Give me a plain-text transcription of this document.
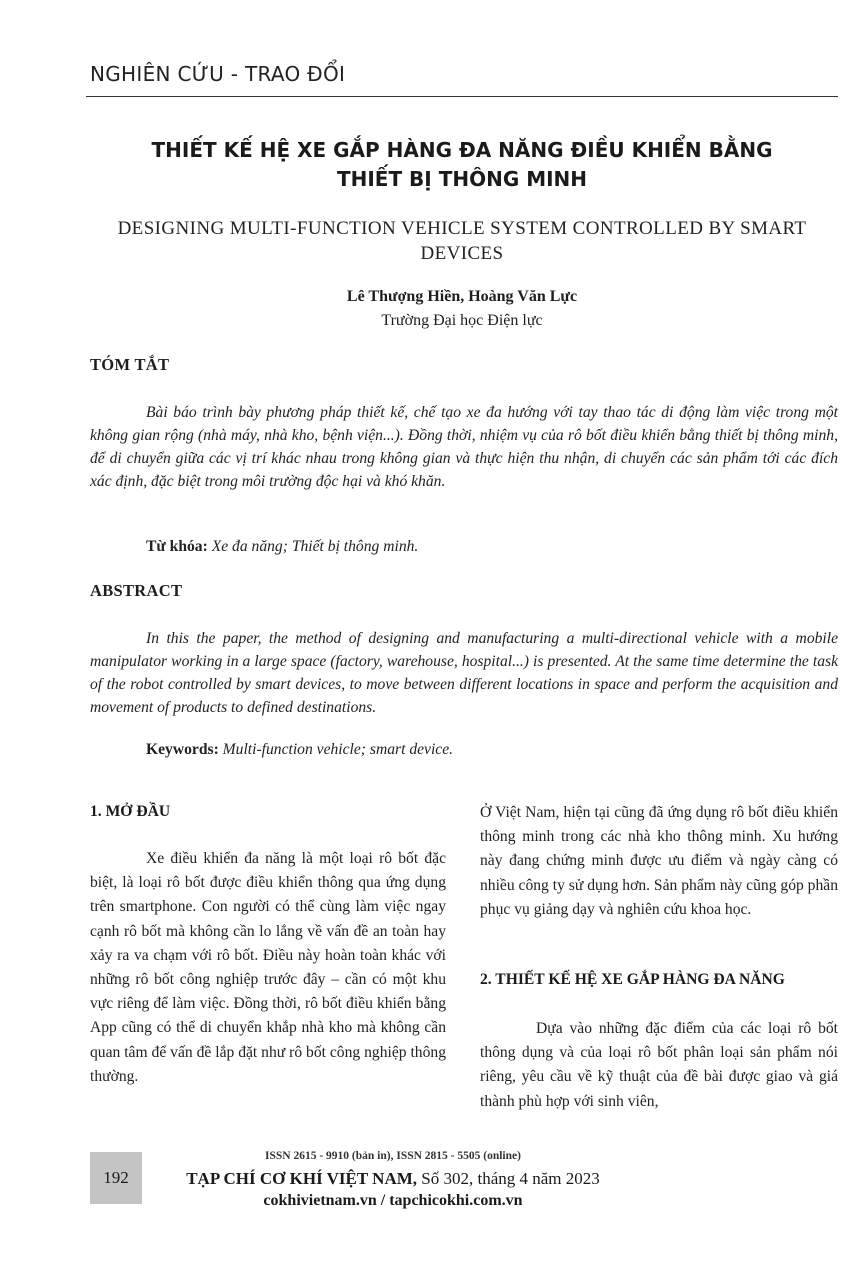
NGHIÊN CỨU - TRAO ĐỔI
THIẾT KẾ HỆ XE GẮP HÀNG ĐA NĂNG ĐIỀU KHIỂN BẰNG
THIẾT BỊ THÔNG MINH
DESIGNING MULTI-FUNCTION VEHICLE SYSTEM CONTROLLED BY SMART
DEVICES
Lê Thượng Hiền, Hoàng Văn Lực
Trường Đại học Điện lực
TÓM TẮT
Bài báo trình bày phương pháp thiết kế, chế tạo xe đa hướng với tay thao tác di động làm việc trong một không gian rộng (nhà máy, nhà kho, bệnh viện...). Đồng thời, nhiệm vụ của rô bốt điều khiển bằng thiết bị thông minh, để di chuyển giữa các vị trí khác nhau trong không gian và thực hiện thu nhận, di chuyển các sản phẩm tới các đích xác định, đặc biệt trong môi trường độc hại và khó khăn.
Từ khóa: Xe đa năng; Thiết bị thông minh.
ABSTRACT
In this the paper, the method of designing and manufacturing a multi-directional vehicle with a mobile manipulator working in a large space (factory, warehouse, hospital...) is presented. At the same time determine the task of the robot controlled by smart devices, to move between different locations in space and perform the acquisition and movement of products to defined destinations.
Keywords: Multi-function vehicle; smart device.
1. MỞ ĐẦU
Xe điều khiển đa năng là một loại rô bốt đặc biệt, là loại rô bốt được điều khiển thông qua ứng dụng trên smartphone. Con người có thể cùng làm việc ngay cạnh rô bốt mà không cần lo lắng về vấn đề an toàn hay xảy ra va chạm với rô bốt. Điều này hoàn toàn khác với những rô bốt công nghiệp trước đây – cần có một khu vực riêng để làm việc. Đồng thời, rô bốt điều khiển bằng App cũng có thể di chuyển khắp nhà kho mà không cần quan tâm để vấn đề lắp đặt như rô bốt công nghiệp thông thường.
Ở Việt Nam, hiện tại cũng đã ứng dụng rô bốt điều khiển thông minh trong các nhà kho thông minh. Xu hướng này đang chứng minh được ưu điểm và ngày càng có nhiều công ty sử dụng hơn. Sản phẩm này cũng góp phần phục vụ giảng dạy và nghiên cứu khoa học.
2. THIẾT KẾ HỆ XE GẮP HÀNG ĐA NĂNG
Dựa vào những đặc điểm của các loại rô bốt thông dụng và của loại rô bốt phân loại sản phẩm nói riêng, yêu cầu về kỹ thuật của đề bài được giao và giá thành phù hợp với sinh viên,
192
ISSN 2615 - 9910 (bản in), ISSN 2815 - 5505 (online)
TẠP CHÍ CƠ KHÍ VIỆT NAM, Số 302, tháng 4 năm 2023
cokhivietnam.vn / tapchicokhi.com.vn
